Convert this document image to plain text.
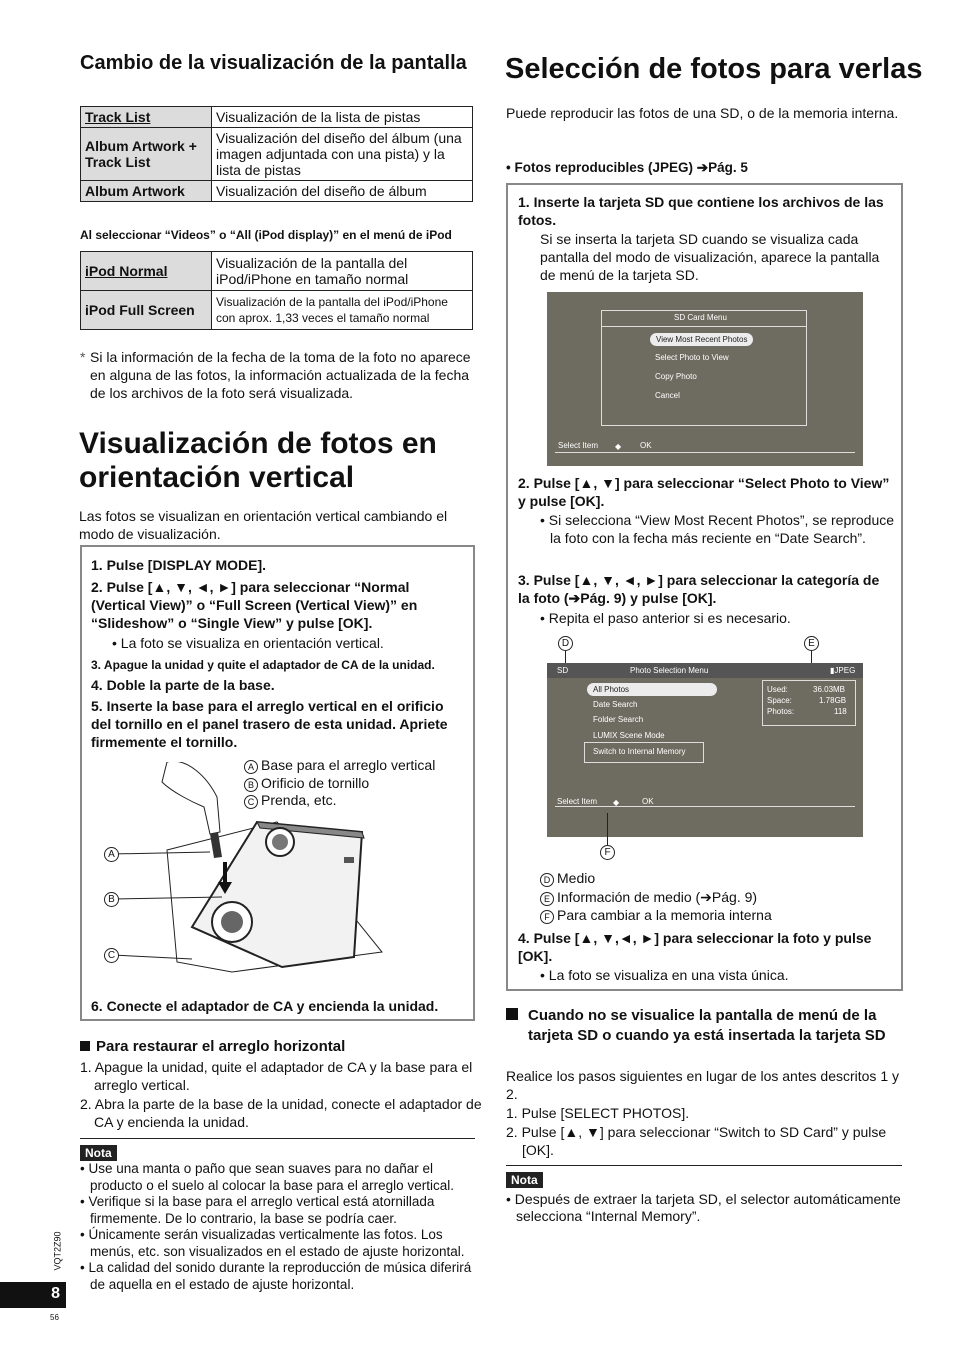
Cambio de la visualización de la pantalla
Track List	Visualización de la lista de pistas
Album Artwork + Track List	Visualización del diseño del álbum (una imagen adjuntada con una pista) y la lista de pistas
Album Artwork	Visualización del diseño de álbum
Al seleccionar “Videos” o “All (iPod display)” en el menú de iPod
iPod Normal	Visualización de la pantalla del iPod/iPhone en tamaño normal
iPod Full Screen	Visualización de la pantalla del iPod/iPhone con aprox. 1,33 veces el tamaño normal
* Si la información de la fecha de la toma de la foto no aparece en alguna de las fotos, la información actualizada de la fecha de los archivos de la foto será visualizada.
Visualización de fotos en orientación vertical
Las fotos se visualizan en orientación vertical cambiando el modo de visualización.
1. Pulse [DISPLAY MODE].
2. Pulse [▲, ▼, ◄, ►] para seleccionar “Normal (Vertical View)” o “Full Screen (Vertical View)” en “Slideshow” o “Single View” y pulse [OK].
• La foto se visualiza en orientación vertical.
3. Apague la unidad y quite el adaptador de CA de la unidad.
4. Doble la parte de la base.
5. Inserte la base para el arreglo vertical en el orificio del tornillo en el panel trasero de esta unidad. Apriete firmemente el tornillo.
A Base para el arreglo vertical
B Orificio de tornillo
C Prenda, etc.
A
B
C
6. Conecte el adaptador de CA y encienda la unidad.
Para restaurar el arreglo horizontal
1. Apague la unidad, quite el adaptador de CA y la base para el arreglo vertical.
2. Abra la parte de la base de la unidad, conecte el adaptador de CA y encienda la unidad.
Nota
• Use una manta o paño que sean suaves para no dañar el producto o el suelo al colocar la base para el arreglo vertical.
• Verifique si la base para el arreglo vertical está atornillada firmemente. De lo contrario, la base se podría caer.
• Únicamente serán visualizadas verticalmente las fotos. Los menús, etc. son visualizados en el estado de ajuste horizontal.
• La calidad del sonido durante la reproducción de música diferirá de aquella en el estado de ajuste horizontal.
VQT2Z90
8
56
Selección de fotos para verlas
Puede reproducir las fotos de una SD, o de la memoria interna.
• Fotos reproducibles (JPEG) ➔Pág. 5
1. Inserte la tarjeta SD que contiene los archivos de las fotos.
Si se inserta la tarjeta SD cuando se visualiza cada pantalla del modo de visualización, aparece la pantalla de menú de la tarjeta SD.
SD Card Menu
View Most Recent Photos
Select Photo to View
Copy Photo
Cancel
Select Item ◆ OK
2. Pulse [▲, ▼] para seleccionar “Select Photo to View” y pulse [OK].
• Si selecciona “View Most Recent Photos”, se reproduce la foto con la fecha más reciente en “Date Search”.
3. Pulse [▲, ▼, ◄, ►] para seleccionar la categoría de la foto (➔Pág. 9) y pulse [OK].
• Repita el paso anterior si es necesario.
D	E
SD	Photo Selection Menu	▮JPEG
All Photos
Date Search
Folder Search
LUMIX Scene Mode
Switch to Internal Memory
Used:	36.03MB
Space:	1.78GB
Photos:	118
Select Item ◆	OK
F
D Medio
E Información de medio (➔Pág. 9)
F Para cambiar a la memoria interna
4. Pulse [▲, ▼,◄, ►] para seleccionar la foto y pulse [OK].
• La foto se visualiza en una vista única.
Cuando no se visualice la pantalla de menú de la tarjeta SD o cuando ya está insertada la tarjeta SD
Realice los pasos siguientes en lugar de los antes descritos 1 y 2.
1. Pulse [SELECT PHOTOS].
2. Pulse [▲, ▼] para seleccionar “Switch to SD Card” y pulse [OK].
Nota
• Después de extraer la tarjeta SD, el selector automáticamente selecciona “Internal Memory”.
